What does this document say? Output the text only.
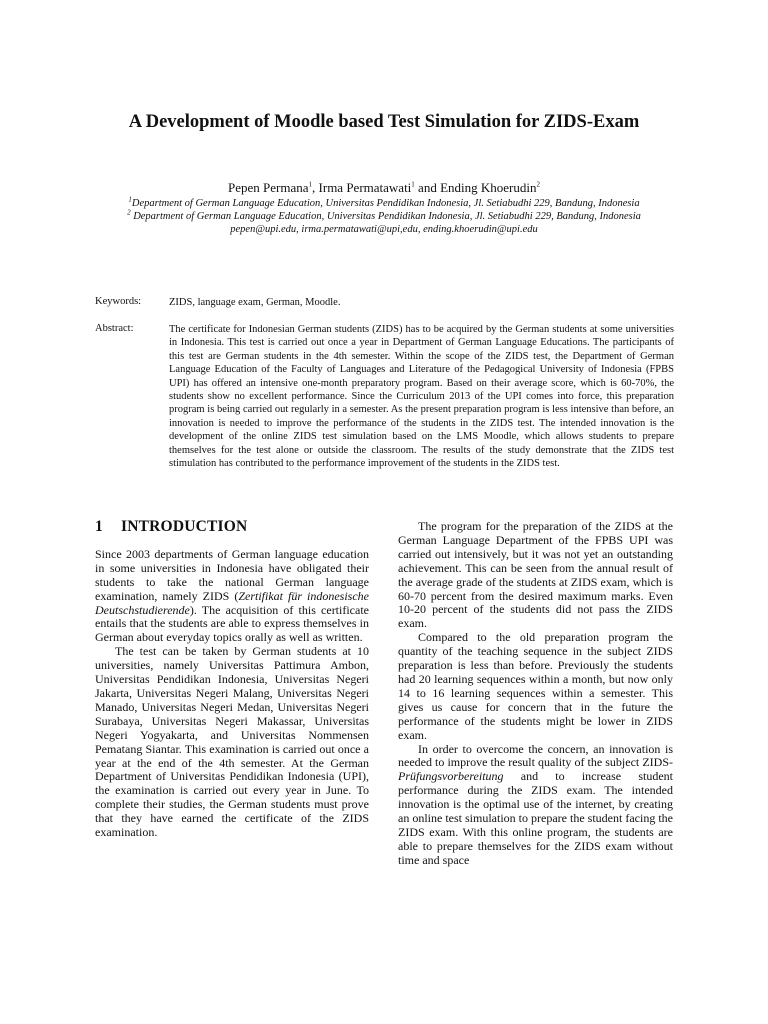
A Development of Moodle based Test Simulation for ZIDS-Exam
Pepen Permana$^1$, Irma Permatawati$^1$ and Ending Khoerudin$^2$
$^1$Department of German Language Education, Universitas Pendidikan Indonesia, Jl. Setiabudhi 229, Bandung, Indonesia
$^2$ Department of German Language Education, Universitas Pendidikan Indonesia, Jl. Setiabudhi 229, Bandung, Indonesia
pepen@upi.edu, irma.permatawati@upi,edu, ending.khoerudin@upi.edu
Keywords:	ZIDS, language exam, German, Moodle.
Abstract:	The certificate for Indonesian German students (ZIDS) has to be acquired by the German students at some universities in Indonesia. This test is carried out once a year in Department of German Language Educations. The participants of this test are German students in the 4th semester. Within the scope of the ZIDS test, the Department of German Language Education of the Faculty of Languages and Literature of the Pedagogical University of Indonesia (FPBS UPI) has offered an intensive one-month preparatory program. Based on their average score, which is 60-70%, the students show no excellent performance. Since the Curriculum 2013 of the UPI comes into force, this preparation program is being carried out regularly in a semester. As the present preparation program is less intensive than before, an innovation is needed to improve the performance of the students in the ZIDS test. The intended innovation is the development of the online ZIDS test simulation based on the LMS Moodle, which allows students to prepare themselves for the test alone or outside the classroom. The results of the study demonstrate that the ZIDS test stimulation has contributed to the performance improvement of the students in the ZIDS test.
1 INTRODUCTION

Since 2003 departments of German language education in some universities in Indonesia have obligated their students to take the national German language examination, namely ZIDS (Zertifikat für indonesische Deutschstudierende). The acquisition of this certificate entails that the students are able to express themselves in German about everyday topics orally as well as written.

The test can be taken by German students at 10 universities, namely Universitas Pattimura Ambon, Universitas Pendidikan Indonesia, Universitas Negeri Jakarta, Universitas Negeri Malang, Universitas Negeri Manado, Universitas Negeri Medan, Universitas Negeri Surabaya, Universitas Negeri Makassar, Universitas Negeri Yogyakarta, and Universitas Nommensen Pematang Siantar. This examination is carried out once a year at the end of the 4th semester. At the German Department of Universitas Pendidikan Indonesia (UPI), the examination is carried out every year in June. To complete their studies, the German students must prove that they have earned the certificate of the ZIDS examination.

The program for the preparation of the ZIDS at the German Language Department of the FPBS UPI was carried out intensively, but it was not yet an outstanding achievement. This can be seen from the annual result of the average grade of the students at ZIDS exam, which is 60-70 percent from the desired maximum marks. Even 10-20 percent of the students did not pass the ZIDS exam.

Compared to the old preparation program the quantity of the teaching sequence in the subject ZIDS preparation is less than before. Previously the students had 20 learning sequences within a month, but now only 14 to 16 learning sequences within a semester. This gives us cause for concern that in the future the performance of the students might be lower in ZIDS exam.

In order to overcome the concern, an innovation is needed to improve the result quality of the subject ZIDS-Prüfungsvorbereitung and to increase student performance during the ZIDS exam. The intended innovation is the optimal use of the internet, by creating an online test simulation to prepare the student facing the ZIDS exam. With this online program, the students are able to prepare themselves for the ZIDS exam without time and space
